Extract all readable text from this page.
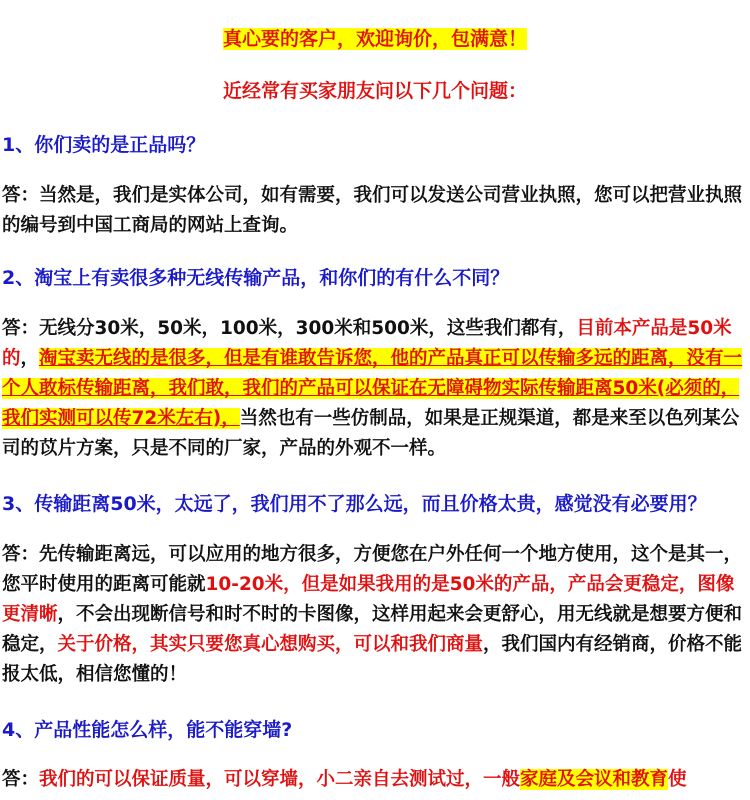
真心要的客户，欢迎询价，包满意！
近经常有买家朋友问以下几个问题：
1、你们卖的是正品吗？
答：当然是，我们是实体公司，如有需要，我们可以发送公司营业执照，您可以把营业执照的编号到中国工商局的网站上查询。
2、淘宝上有卖很多种无线传输产品，和你们的有什么不同？
答：无线分30米，50米，100米，300米和500米，这些我们都有，目前本产品是50米的，淘宝卖无线的是很多，但是有谁敢告诉您，他的产品真正可以传输多远的距离，没有一个人敢标传输距离，我们敢，我们的产品可以保证在无障碍物实际传输距离50米(必须的，我们实测可以传72米左右)，当然也有一些仿制品，如果是正规渠道，都是来至以色列某公司的苡片方案，只是不同的厂家，产品的外观不一样。
3、传输距离50米，太远了，我们用不了那么远，而且价格太贵，感觉没有必要用？
答：先传输距离远，可以应用的地方很多，方便您在户外任何一个地方使用，这个是其一，您平时使用的距离可能就10-20米，但是如果我用的是50米的产品，产品会更稳定，图像更清晰，不会出现断信号和时不时的卡图像，这样用起来会更舒心，用无线就是想要方便和稳定，关于价格，其实只要您真心想购买，可以和我们商量，我们国内有经销商，价格不能报太低，相信您懂的！
4、产品性能怎么样，能不能穿墙?
答：我们的可以保证质量，可以穿墙，小二亲自去测试过，一般家庭及会议和教育使
